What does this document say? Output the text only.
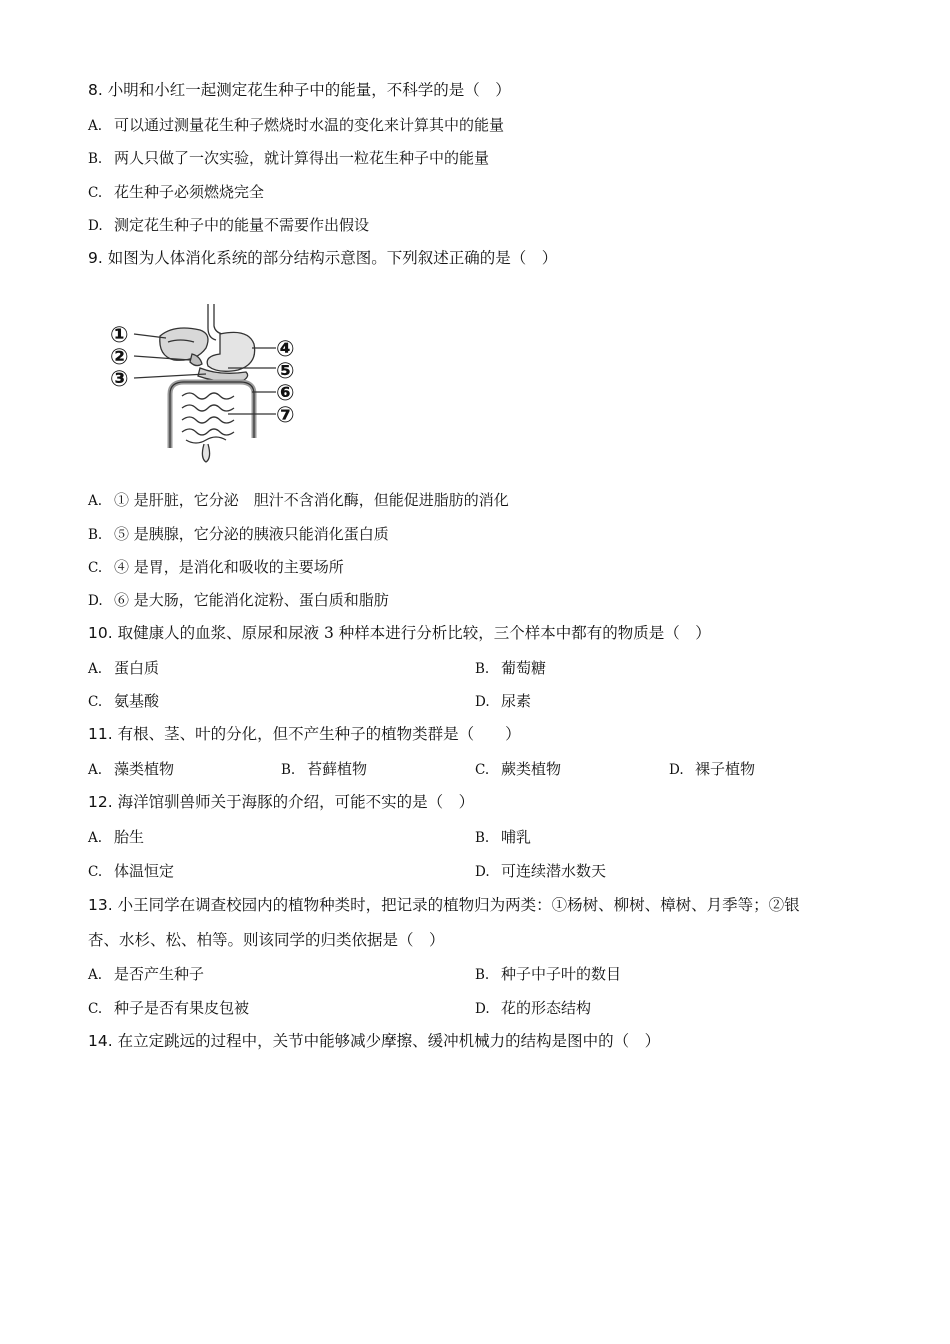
8. 小明和小红一起测定花生种子中的能量，不科学的是（　）
A. 可以通过测量花生种子燃烧时水温的变化来计算其中的能量
B. 两人只做了一次实验，就计算得出一粒花生种子中的能量
C. 花生种子必须燃烧完全
D. 测定花生种子中的能量不需要作出假设
9. 如图为人体消化系统的部分结构示意图。下列叙述正确的是（　）
①
②
③
④
⑤
⑥
⑦
A. ① 是肝脏，它分泌　胆汁不含消化酶，但能促进脂肪的消化
B. ⑤ 是胰腺，它分泌的胰液只能消化蛋白质
C. ④ 是胃，是消化和吸收的主要场所
D. ⑥ 是大肠，它能消化淀粉、蛋白质和脂肪
10. 取健康人的血浆、原尿和尿液 3 种样本进行分析比较，三个样本中都有的物质是（　）
A. 蛋白质	B. 葡萄糖
C. 氨基酸	D. 尿素
11. 有根、茎、叶的分化，但不产生种子的植物类群是（　　）
A. 藻类植物	B. 苔藓植物	C. 蕨类植物	D. 裸子植物
12. 海洋馆驯兽师关于海豚的介绍，可能不实的是（　）
A. 胎生	B. 哺乳
C. 体温恒定	D. 可连续潜水数天
13. 小王同学在调查校园内的植物种类时，把记录的植物归为两类：①杨树、柳树、樟树、月季等；②银
杏、水杉、松、柏等。则该同学的归类依据是（　）
A. 是否产生种子	B. 种子中子叶的数目
C. 种子是否有果皮包被	D. 花的形态结构
14. 在立定跳远的过程中，关节中能够减少摩擦、缓冲机械力的结构是图中的（　）
